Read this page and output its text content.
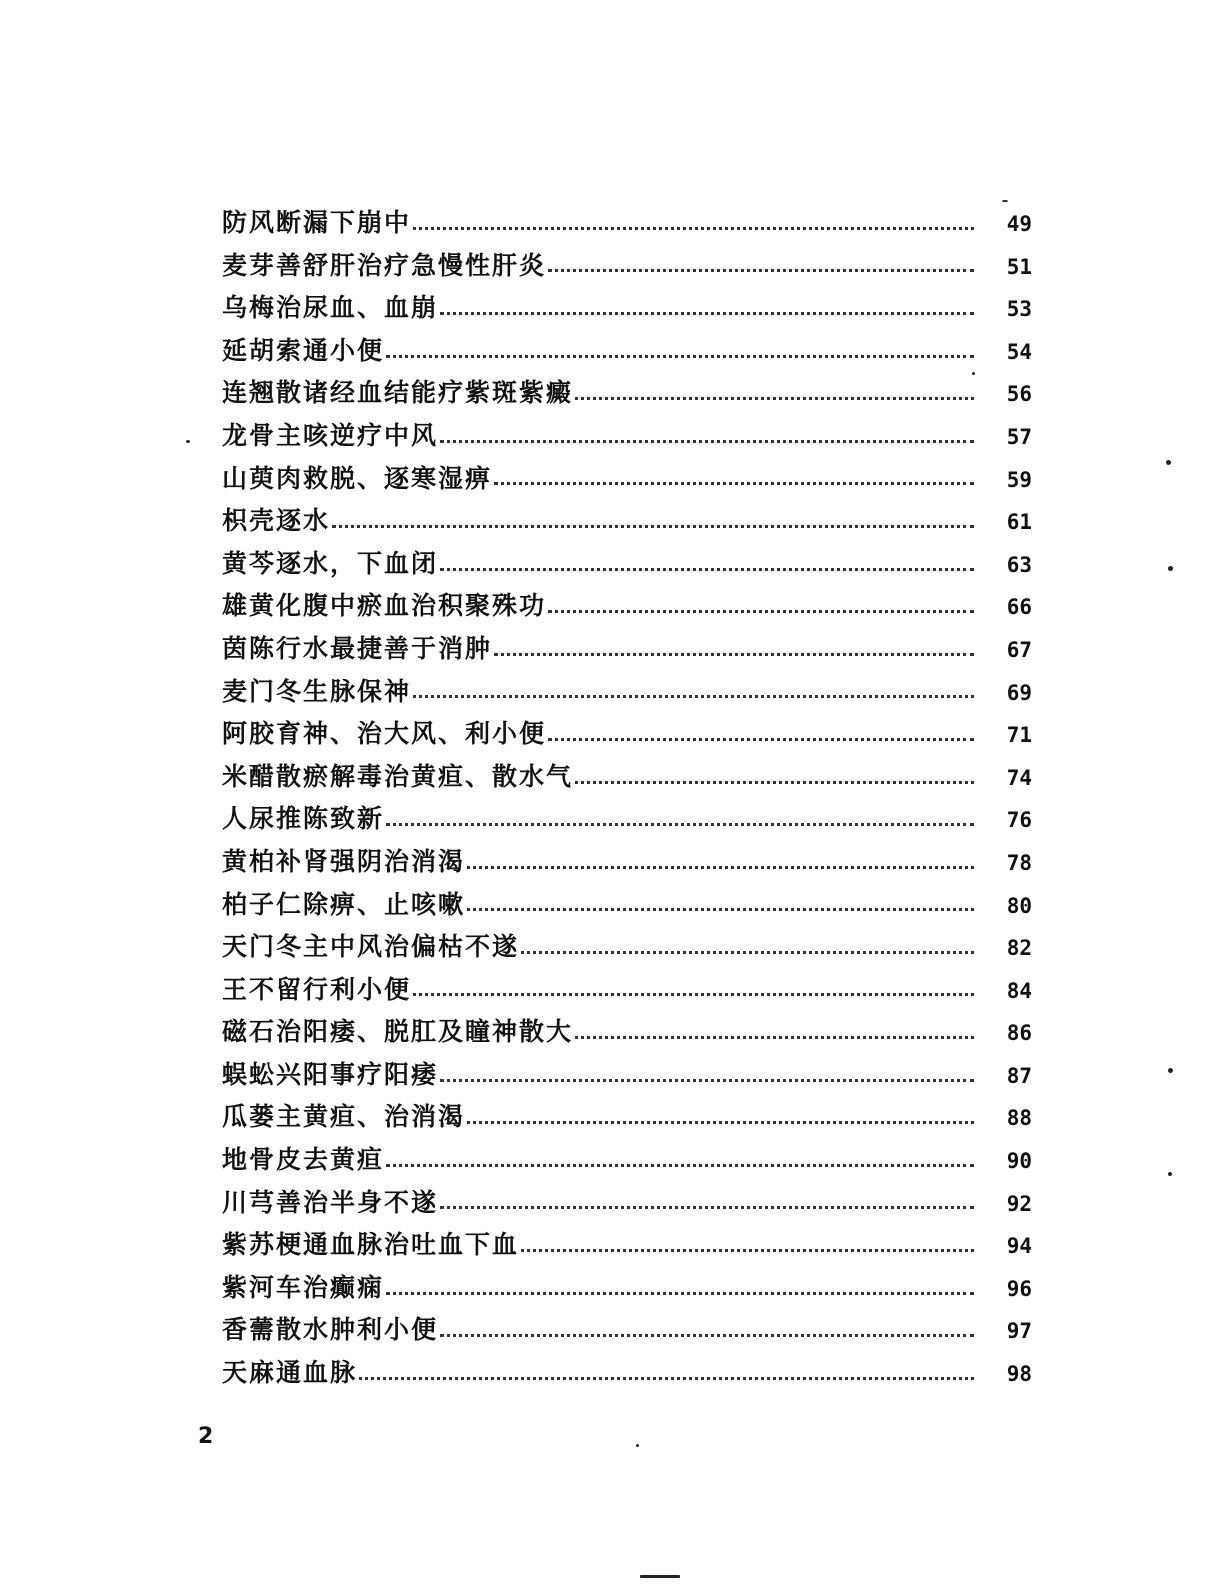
防风断漏下崩中	49
麦芽善舒肝治疗急慢性肝炎	51
乌梅治尿血、血崩	53
延胡索通小便	54
连翘散诸经血结能疗紫斑紫癜	56
龙骨主咳逆疗中风	57
山萸肉救脱、逐寒湿痹	59
枳壳逐水	61
黄芩逐水，下血闭	63
雄黄化腹中瘀血治积聚殊功	66
茵陈行水最捷善于消肿	67
麦门冬生脉保神	69
阿胶育神、治大风、利小便	71
米醋散瘀解毒治黄疸、散水气	74
人尿推陈致新	76
黄柏补肾强阴治消渴	78
柏子仁除痹、止咳嗽	80
天门冬主中风治偏枯不遂	82
王不留行利小便	84
磁石治阳痿、脱肛及瞳神散大	86
蜈蚣兴阳事疗阳痿	87
瓜蒌主黄疸、治消渴	88
地骨皮去黄疸	90
川芎善治半身不遂	92
紫苏梗通血脉治吐血下血	94
紫河车治癫痫	96
香薷散水肿利小便	97
天麻通血脉	98
2
